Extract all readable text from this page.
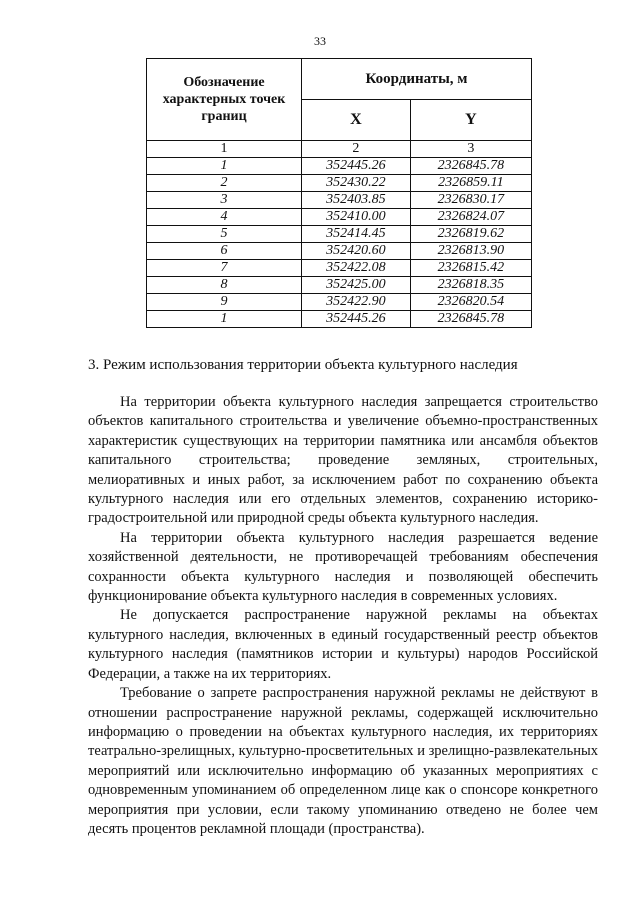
33
Обозначение характерных точек границ	Координаты, м	
	X	Y
1	2	3
1	352445.26	2326845.78
2	352430.22	2326859.11
3	352403.85	2326830.17
4	352410.00	2326824.07
5	352414.45	2326819.62
6	352420.60	2326813.90
7	352422.08	2326815.42
8	352425.00	2326818.35
9	352422.90	2326820.54
1	352445.26	2326845.78
3. Режим использования территории объекта культурного наследия

На территории объекта культурного наследия запрещается строительство объектов капитального строительства и увеличение объемно-пространственных характеристик существующих на территории памятника или ансамбля объектов капитального строительства; проведение земляных, строительных, мелиоративных и иных работ, за исключением работ по сохранению объекта культурного наследия или его отдельных элементов, сохранению историко-градостроительной или природной среды объекта культурного наследия.

На территории объекта культурного наследия разрешается ведение хозяйственной деятельности, не противоречащей требованиям обеспечения сохранности объекта культурного наследия и позволяющей обеспечить функционирование объекта культурного наследия в современных условиях.

Не допускается распространение наружной рекламы на объектах культурного наследия, включенных в единый государственный реестр объектов культурного наследия (памятников истории и культуры) народов Российской Федерации, а также на их территориях.

Требование о запрете распространения наружной рекламы не действуют в отношении распространение наружной рекламы, содержащей исключительно информацию о проведении на объектах культурного наследия, их территориях театрально-зрелищных, культурно-просветительных и зрелищно-развлекательных мероприятий или исключительно информацию об указанных мероприятиях с одновременным упоминанием об определенном лице как о спонсоре конкретного мероприятия при условии, если такому упоминанию отведено не более чем десять процентов рекламной площади (пространства).
